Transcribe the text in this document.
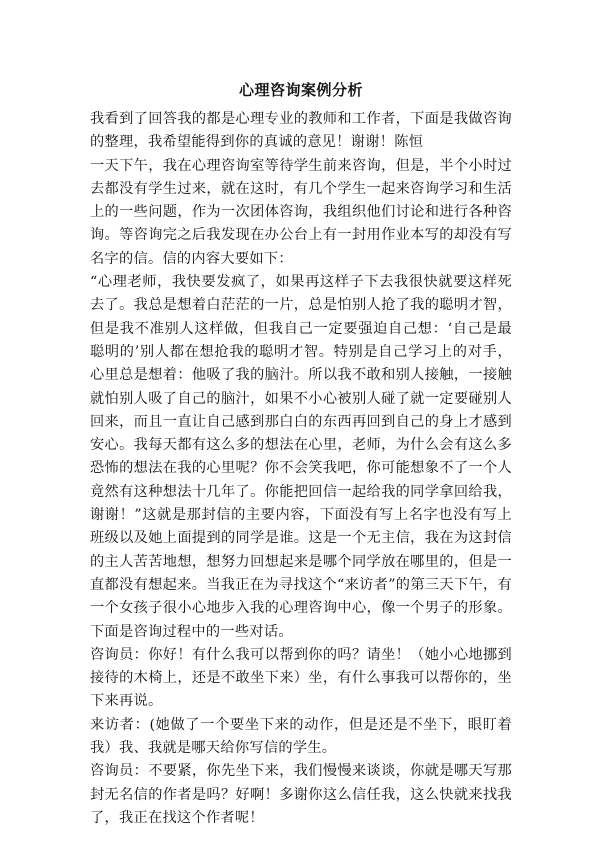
心理咨询案例分析

我看到了回答我的都是心理专业的教师和工作者，下面是我做咨询的整理，我希望能得到你的真诚的意见！谢谢！陈恒

一天下午，我在心理咨询室等待学生前来咨询，但是，半个小时过去都没有学生过来，就在这时，有几个学生一起来咨询学习和生活上的一些问题，作为一次团体咨询，我组织他们讨论和进行各种咨询。等咨询完之后我发现在办公台上有一封用作业本写的却没有写名字的信。信的内容大要如下：

“心理老师，我快要发疯了，如果再这样子下去我很快就要这样死去了。我总是想着白茫茫的一片，总是怕别人抢了我的聪明才智，但是我不准别人这样做，但我自己一定要强迫自己想：‘自己是最聪明的’别人都在想抢我的聪明才智。特别是自己学习上的对手，心里总是想着：他吸了我的脑汁。所以我不敢和别人接触，一接触就怕别人吸了自己的脑汁，如果不小心被别人碰了就一定要碰别人回来，而且一直让自己感到那白白的东西再回到自己的身上才感到安心。我每天都有这么多的想法在心里，老师，为什么会有这么多恐怖的想法在我的心里呢？你不会笑我吧，你可能想象不了一个人竟然有这种想法十几年了。你能把回信一起给我的同学拿回给我，谢谢！”这就是那封信的主要内容，下面没有写上名字也没有写上班级以及她上面提到的同学是谁。这是一个无主信，我在为这封信的主人苦苦地想，想努力回想起来是哪个同学放在哪里的，但是一直都没有想起来。当我正在为寻找这个“来访者”的第三天下午，有一个女孩子很小心地步入我的心理咨询中心，像一个男子的形象。下面是咨询过程中的一些对话。

咨询员：你好！有什么我可以帮到你的吗？请坐！（她小心地挪到接待的木椅上，还是不敢坐下来）坐，有什么事我可以帮你的，坐下来再说。

来访者：(她做了一个要坐下来的动作，但是还是不坐下，眼盯着我）我、我就是哪天给你写信的学生。

咨询员：不要紧，你先坐下来，我们慢慢来谈谈，你就是哪天写那封无名信的作者是吗？好啊！多谢你这么信任我，这么快就来找我了，我正在找这个作者呢！
